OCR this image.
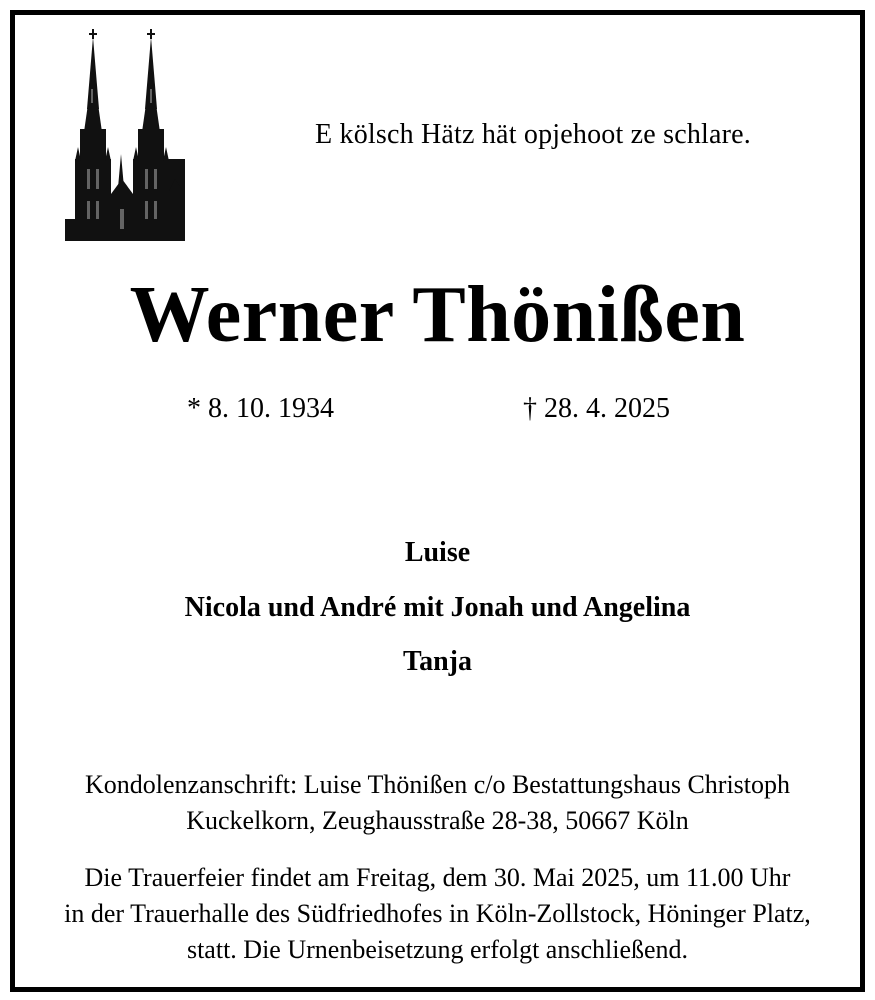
E kölsch Hätz hät opjehoot ze schlare.
Werner Thönißen
* 8. 10. 1934	† 28. 4. 2025
Luise
Nicola und André mit Jonah und Angelina
Tanja
Kondolenzanschrift: Luise Thönißen c/o Bestattungshaus Christoph
Kuckelkorn, Zeughausstraße 28-38, 50667 Köln
Die Trauerfeier findet am Freitag, dem 30. Mai 2025, um 11.00 Uhr
in der Trauerhalle des Südfriedhofes in Köln-Zollstock, Höninger Platz,
statt. Die Urnenbeisetzung erfolgt anschließend.
